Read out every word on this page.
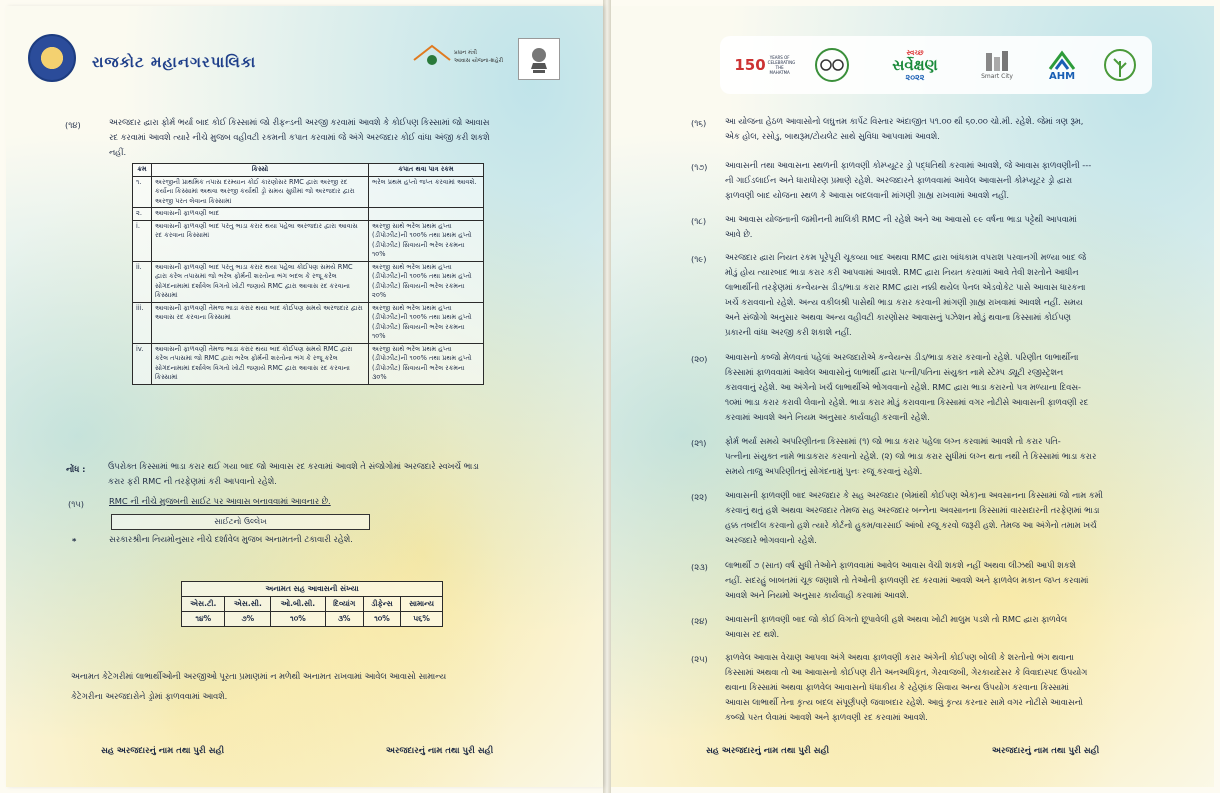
રાજકોટ મહાનગરપાલિકા	પ્રધાન મંત્રી
આવાસ યોજના-શહેરી
(૧૪)	અરજદાર દ્વારા ફોર્મ ભર્યા બાદ કોઈ કિસ્સામાં જો રીફન્ડની અરજી કરવામાં આવશે કે કોઈપણ કિસ્સામાં જો આવાસ
રદ કરવામાં આવશે ત્યારે નીચે મુજબ વહીવટી રકમની કપાત કરવામાં જે અંગે અરજદાર કોઈ વાંધા અંજી કરી શકશે
નહીં.
ક્રમ	કિસ્સો	કપાત થવા પાત્ર રકમ
૧.	અરજીની પ્રાથમિક તપાસ દરમ્યાન કોઈ કારણોસર RMC દ્વારા અરજી રદ કર્યાના કિસ્સામાં અથવા અરજી કર્યાથી ડ્રો સમય સુધીમાં જો અરજદાર દ્વારા અરજી પરત લેવાના કિસ્સામાં	ભરેલ પ્રથમ હપ્તો જપ્ત કરવામાં આવશે.
૨.	આવાસની ફાળવણી બાદ	
i.	આવાસની ફાળવણી બાદ પરંતુ ભાડા કરાર થયા પહેલા અરજદાર દ્વારા આવાસ રદ કરવાના કિસ્સામાં	અરજી સાથે ભરેલ પ્રથમ હપ્તા (ડીપોઝીટ)ની ૧૦૦% તથા પ્રથમ હપ્તો (ડીપોઝીટ) સિવાયની ભરેલ રકમના ૧૦%
ii.	આવાસની ફાળવણી બાદ પરંતુ ભાડા કરાર થયા પહેલા કોઈપણ સમયે RMC દ્વારા કરેલ તપાસમાં જો ભરેલ ફોર્મની શરતોના ભંગ બદલ કે રજૂ કરેલ સોગંદનામામાં દર્શાવેલ વિગતો ખોટી જણાયે RMC દ્વારા આવાસ રદ કરવાના કિસ્સામાં	અરજી સાથે ભરેલ પ્રથમ હપ્તા (ડીપોઝીટ)ની ૧૦૦% તથા પ્રથમ હપ્તો (ડીપોઝીટ) સિવાયની ભરેલ રકમના ૨૦%
iii.	આવાસની ફાળવણી તેમજ ભાડા કરાર થયા બાદ કોઈપણ સમયે અરજદાર દ્વારા આવાસ રદ કરવાના કિસ્સામાં	અરજી સાથે ભરેલ પ્રથમ હપ્તા (ડીપોઝીટ)ની ૧૦૦% તથા પ્રથમ હપ્તો (ડીપોઝીટ) સિવાયની ભરેલ રકમના ૧૦%
iv.	આવાસની ફાળવણી તેમજ ભાડા કરાર થયા બાદ કોઈપણ સમયે RMC દ્વારા કરેલ તપાસમાં જો RMC દ્વારા ભરેલ ફોર્મની શરતોના ભંગ કે રજૂ કરેલ સોગંદનામામાં દર્શાવેલ વિગતો ખોટી જણાયે RMC દ્વારા આવાસ રદ કરવાના કિસ્સામાં	અરજી સાથે ભરેલ પ્રથમ હપ્તા (ડીપોઝીટ)ની ૧૦૦% તથા પ્રથમ હપ્તો (ડીપોઝીટ) સિવાયની ભરેલ રકમના ૩૦%
નોંધ :	ઉપરોક્ત કિસ્સામાં ભાડા કરાર થઈ ગયા બાદ જો આવાસ રદ કરવામાં આવશે તે સંજોગોમાં અરજદારે સ્વખર્ચે ભાડા
કરાર ફરી RMC ની તરફેણમાં કરી આપવાનો રહેશે.
(૧૫)	RMC ની નીચે મુજબની સાઈટ પર આવાસ બનાવવામાં આવનાર છે.
સાઈટનો ઉલ્લેખ
*	સરકારશ્રીના નિયમોનુસાર નીચે દર્શાવેલ મુજબ અનામતની ટકાવારી રહેશે.
અનામત સહ આવાસની સંખ્યા					
એસ.ટી.	એસ.સી.	ઓ.બી.સી.	દિવ્યાંગ	ડીફેન્સ	સામાન્ય
૧૪%	૭%	૧૦%	૩%	૧૦%	૫૬%
અનામત કેટેગરીમાં લાભાર્થીઓની અરજીઓ પૂરતા પ્રમાણમાં ન મળેથી અનામત રાખવામાં આવેલ આવાસો સામાન્ય
કેટેગરીના અરજદારોને ડ્રોમાં ફાળવવામાં આવશે.
સહ અરજદારનું નામ તથા પુરી સહી	અરજદારનું નામ તથા પુરી સહી
150	YEARS OF
CELEBRATING
THE MAHATMA
સ્વચ્છ
સર્વેક્ષણ
૨૦૨૨	Smart City	AHM
(૧૬) આ યોજના હેઠળ આવાસોનો લઘુત્તમ કાર્પેટ વિસ્તાર અંદાજીત ૫૧.૦૦ થી ૬૦.૦૦ ચો.મી. રહેશે. જેમાં ત્રણ રૂમ,
એક હોલ, રસોડુ, બાથરૂમ/ટોયલેટ સાથે સુવિધા આપવામાં આવશે.
(૧૭) આવાસની તથા આવાસના સ્થળની ફાળવણી કોમ્પ્યૂટર ડ્રો પદ્ધતિથી કરવામાં આવશે, જે આવાસ ફાળવણીની ---
ની ગાઈડલાઈન અને ધારાધોરણ પ્રમાણે રહેશે. અરજદારને ફાળવવામાં આવેલ આવાસની કોમ્પ્યૂટર ડ્રો દ્વારા
ફાળવણી બાદ યોજના સ્થળ કે આવાસ બદલવાની માંગણી ગ્રાહ્ય રાખવામાં આવશે નહીં.
(૧૮) આ આવાસ યોજનાની જમીનની માલિકી RMC ની રહેશે અને આ આવાસો ૯૯ વર્ષના ભાડા પટ્ટેથી આપવામાં
આવે છે.
(૧૯) અરજદાર દ્વારા નિયત રકમ પૂરેપૂરી ચૂકવ્યા બાદ અથવા RMC દ્વારા બાંધકામ વપરાશ પરવાનગી મળ્યા બાદ જે
મોડું હોય ત્યારબાદ ભાડા કરાર કરી આપવામાં આવશે. RMC દ્વારા નિયત કરવામાં આવે તેવી શરતોને આધીન
લાભાર્થીની તરફેણમાં કન્વેયન્સ ડીડ/ભાડા કરાર RMC દ્વારા નક્કી થયેલ પેનલ એડવોકેટ પાસે આવાસ ધારકના
ખર્ચે કરાવવાનો રહેશે. અન્ય વકીલશ્રી પાસેથી ભાડા કરાર કરવાની માંગણી ગ્રાહ્ય રાખવામાં આવશે નહીં. સમય
અને સંજોગો અનુસાર અથવા અન્ય વહીવટી કારણોસર આવાસનું પઝેશન મોડું થવાના કિસ્સામાં કોઈપણ
પ્રકારની વાંધા અરજી કરી શકાશે નહીં.
(૨૦) આવાસનો કબ્જો મેળવતાં પહેલાં અરજદારોએ કન્વેયન્સ ડીડ/ભાડા કરાર કરવાનો રહેશે. પરિણીત લાભાર્થીના
કિસ્સામાં ફાળવવામાં આવેલ આવાસોનું લાભાર્થી દ્વારા પત્ની/પતિના સંયુક્ત નામે સ્ટેમ્પ ડ્યૂટી રજીસ્ટ્રેશન
કરાવવાનું રહેશે. આ અંગેનો ખર્ચ લાભાર્થીએ ભોગવવાનો રહેશે. RMC દ્વારા ભાડા કરારનો પત્ર મળ્યાના દિવસ-
૧૦માં ભાડા કરાર કરાવી લેવાનો રહેશે. ભાડા કરાર મોડું કરાવવાના કિસ્સામાં વગર નોટીસે આવાસની ફાળવણી રદ
કરવામાં આવશે અને નિયમ અનુસાર કાર્યવાહી કરવાની રહેશે.
(૨૧) ફોર્મ ભર્યા સમયે અપરિણીતના કિસ્સામાં (૧) જો ભાડા કરાર પહેલા લગ્ન કરવામાં આવશે તો કરાર પતિ-
પત્નીના સંયુક્ત નામે ભાડાકરાર કરવાનો રહેશે. (૨) જો ભાડા કરાર સુધીમાં લગ્ન થતા નથી તે કિસ્સામાં ભાડા કરાર
સમયે તાજુ અપરિણીતનું સોગંદનામું પુનઃ રજૂ કરવાનું રહેશે.
(૨૨) આવાસની ફાળવણી બાદ અરજદાર કે સહ અરજદાર (બેમાંથી કોઈપણ એક)ના અવસાનના કિસ્સામાં જો નામ કમી
કરવાનું થતું હશે અથવા અરજદાર તેમજ સહ અરજદાર બન્નેના અવસાનના કિસ્સામાં વારસદારની તરફેણમાં ભાડા
હક્ક તબદીલ કરવાનો હશે ત્યારે કોર્ટનો હુકમ/વારસાઈ આંબો રજૂ કરવો જરૂરી હશે. તેમજ આ અંગેનો તમામ ખર્ચ
અરજદારે ભોગવવાનો રહેશે.
(૨૩) લાભાર્થી ૭ (સાત) વર્ષ સુધી તેઓને ફાળવવામાં આવેલ આવાસ વેંચી શકશે નહીં અથવા લીઝથી આપી શકશે
નહીં. સદરહું બાબતમાં ચૂક જણાશે તો તેઓની ફાળવણી રદ કરવામાં આવશે અને ફાળવેલ મકાન જપ્ત કરવામાં
આવશે અને નિયમો અનુસાર કાર્યવાહી કરવામાં આવશે.
(૨૪) આવાસની ફાળવણી બાદ જો કોઈ વિગતો છૂપાવેલી હશે અથવા ખોટી માલુમ પડશે તો RMC દ્વારા ફાળવેલ
આવાસ રદ થશે.
(૨૫) ફાળવેલ આવાસ વેચાણ આપવા અંગે અથવા ફાળવણી કરાર અંગેની કોઈપણ બોલી કે શરતોનો ભંગ થવાના
કિસ્સામાં અથવા તો આ આવાસનો કોઈપણ રીતે અનઅધિકૃત, ગેરવાજબી, ગેરકાયદેસર કે વિવાદાસ્પદ ઉપયોગ
થવાના કિસ્સામાં અથવા ફાળવેલ આવાસનો ધંધાકીય કે રહેણાંક સિવાય અન્ય ઉપયોગ કરવાના કિસ્સામાં
આવાસ લાભાર્થી તેના કૃત્ય બદલ સંપૂર્ણપણે જવાબદાર રહેશે. આવું કૃત્ય કરનાર સામે વગર નોટીસે આવાસનો
કબ્જો પરત લેવામાં આવશે અને ફાળવણી રદ કરવામાં આવશે.
સહ અરજદારનું નામ તથા પુરી સહી	અરજદારનું નામ તથા પુરી સહી
